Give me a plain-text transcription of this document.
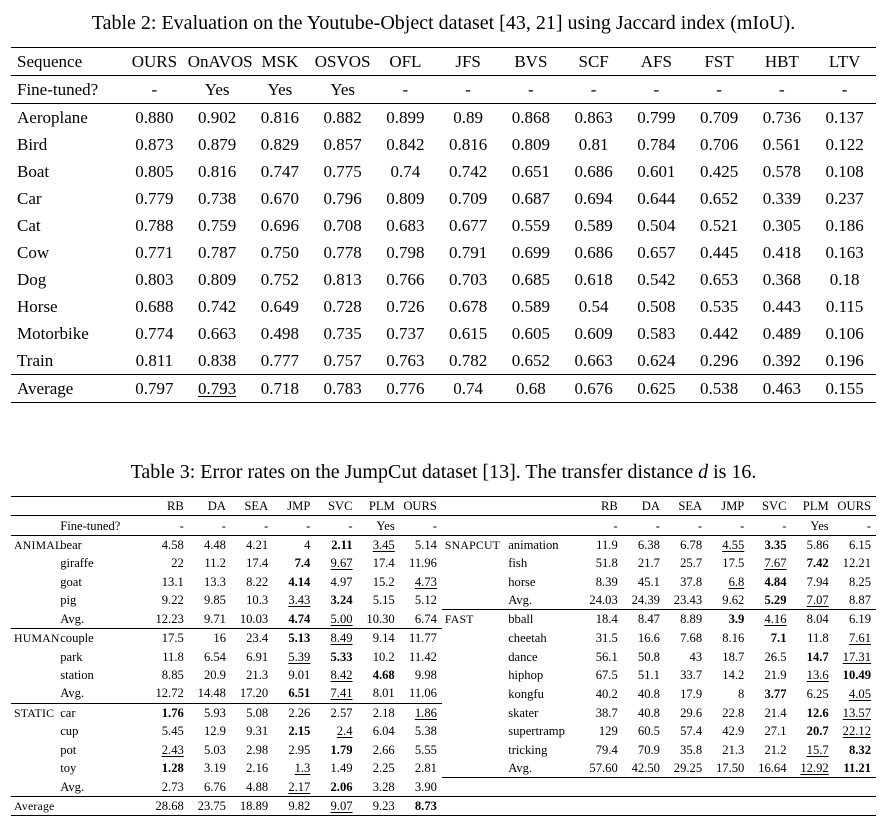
Table 2: Evaluation on the Youtube-Object dataset [43, 21] using Jaccard index (mIoU).
Sequence	OURS	OnAVOS	MSK	OSVOS	OFL	JFS	BVS	SCF	AFS	FST	HBT	LTV
Fine-tuned?	-	Yes	Yes	Yes	-	-	-	-	-	-	-	-
Aeroplane	0.880	0.902	0.816	0.882	0.899	0.89	0.868	0.863	0.799	0.709	0.736	0.137
Bird	0.873	0.879	0.829	0.857	0.842	0.816	0.809	0.81	0.784	0.706	0.561	0.122
Boat	0.805	0.816	0.747	0.775	0.74	0.742	0.651	0.686	0.601	0.425	0.578	0.108
Car	0.779	0.738	0.670	0.796	0.809	0.709	0.687	0.694	0.644	0.652	0.339	0.237
Cat	0.788	0.759	0.696	0.708	0.683	0.677	0.559	0.589	0.504	0.521	0.305	0.186
Cow	0.771	0.787	0.750	0.778	0.798	0.791	0.699	0.686	0.657	0.445	0.418	0.163
Dog	0.803	0.809	0.752	0.813	0.766	0.703	0.685	0.618	0.542	0.653	0.368	0.18
Horse	0.688	0.742	0.649	0.728	0.726	0.678	0.589	0.54	0.508	0.535	0.443	0.115
Motorbike	0.774	0.663	0.498	0.735	0.737	0.615	0.605	0.609	0.583	0.442	0.489	0.106
Train	0.811	0.838	0.777	0.757	0.763	0.782	0.652	0.663	0.624	0.296	0.392	0.196
Average	0.797	0.793	0.718	0.783	0.776	0.74	0.68	0.676	0.625	0.538	0.463	0.155
Table 3: Error rates on the JumpCut dataset [13]. The transfer distance d is 16.
		RB	DA	SEA	JMP	SVC	PLM	OURS			RB	DA	SEA	JMP	SVC	PLM	OURS
	Fine-tuned?	-	-	-	-	-	Yes	-			-	-	-	-	-	Yes	-
ANIMAL	bear	4.58	4.48	4.21	4	2.11	3.45	5.14	SNAPCUT	animation	11.9	6.38	6.78	4.55	3.35	5.86	6.15
	giraffe	22	11.2	17.4	7.4	9.67	17.4	11.96		fish	51.8	21.7	25.7	17.5	7.67	7.42	12.21
	goat	13.1	13.3	8.22	4.14	4.97	15.2	4.73		horse	8.39	45.1	37.8	6.8	4.84	7.94	8.25
	pig	9.22	9.85	10.3	3.43	3.24	5.15	5.12		Avg.	24.03	24.39	23.43	9.62	5.29	7.07	8.87
	Avg.	12.23	9.71	10.03	4.74	5.00	10.30	6.74	FAST	bball	18.4	8.47	8.89	3.9	4.16	8.04	6.19
HUMAN	couple	17.5	16	23.4	5.13	8.49	9.14	11.77		cheetah	31.5	16.6	7.68	8.16	7.1	11.8	7.61
	park	11.8	6.54	6.91	5.39	5.33	10.2	11.42		dance	56.1	50.8	43	18.7	26.5	14.7	17.31
	station	8.85	20.9	21.3	9.01	8.42	4.68	9.98		hiphop	67.5	51.1	33.7	14.2	21.9	13.6	10.49
	Avg.	12.72	14.48	17.20	6.51	7.41	8.01	11.06		kongfu	40.2	40.8	17.9	8	3.77	6.25	4.05
STATIC	car	1.76	5.93	5.08	2.26	2.57	2.18	1.86		skater	38.7	40.8	29.6	22.8	21.4	12.6	13.57
	cup	5.45	12.9	9.31	2.15	2.4	6.04	5.38		supertramp	129	60.5	57.4	42.9	27.1	20.7	22.12
	pot	2.43	5.03	2.98	2.95	1.79	2.66	5.55		tricking	79.4	70.9	35.8	21.3	21.2	15.7	8.32
	toy	1.28	3.19	2.16	1.3	1.49	2.25	2.81		Avg.	57.60	42.50	29.25	17.50	16.64	12.92	11.21
	Avg.	2.73	6.76	4.88	2.17	2.06	3.28	3.90									
Average		28.68	23.75	18.89	9.82	9.07	9.23	8.73									
